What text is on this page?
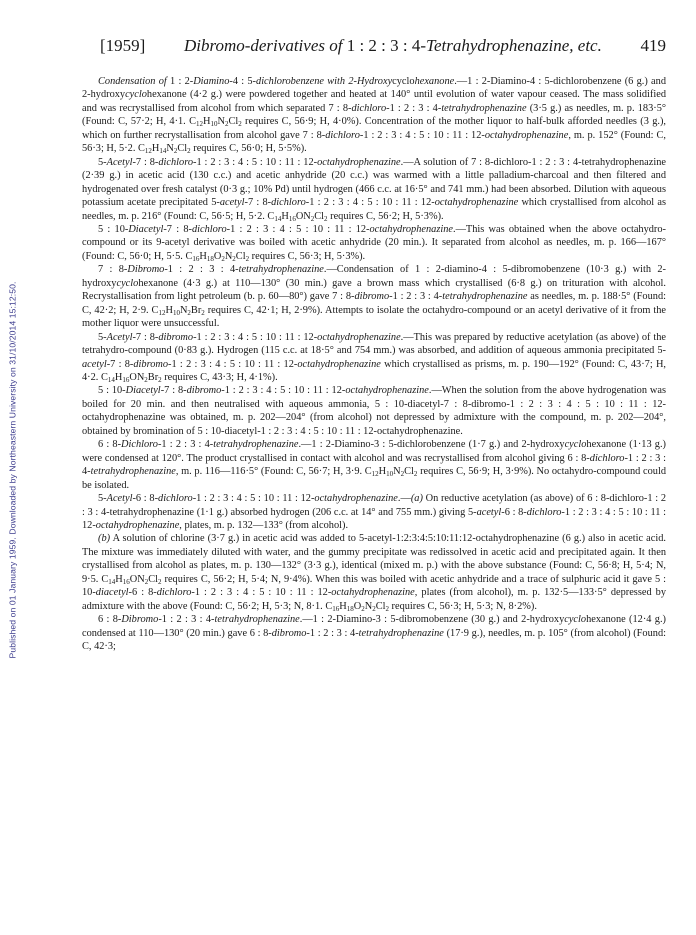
Published on 01 January 1959. Downloaded by Northeastern University on 31/10/2014 15:12:50.
[1959] Dibromo-derivatives of 1 : 2 : 3 : 4-Tetrahydrophenazine, etc. 419

Condensation of 1 : 2-Diamino-4 : 5-dichlorobenzene with 2-Hydroxycyclohexanone.—1 : 2-Diamino-4 : 5-dichlorobenzene (6 g.) and 2-hydroxycyclohexanone (4·2 g.) were powdered together and heated at 140° until evolution of water vapour ceased. The mass solidified and was recrystallised from alcohol from which separated 7 : 8-dichloro-1 : 2 : 3 : 4-tetrahydrophenazine (3·5 g.) as needles, m. p. 183·5° (Found: C, 57·2; H, 4·1. $C_{12}H_{10}N_2Cl_2$ requires C, 56·9; H, 4·0%). Concentration of the mother liquor to half-bulk afforded needles (3 g.), which on further recrystallisation from alcohol gave 7 : 8-dichloro-1 : 2 : 3 : 4 : 5 : 10 : 11 : 12-octahydrophenazine, m. p. 152° (Found: C, 56·3; H, 5·2. $C_{12}H_{14}N_2Cl_2$ requires C, 56·0; H, 5·5%).

5-Acetyl-7 : 8-dichloro-1 : 2 : 3 : 4 : 5 : 10 : 11 : 12-octahydrophenazine.—A solution of 7 : 8-dichloro-1 : 2 : 3 : 4-tetrahydrophenazine (2·39 g.) in acetic acid (130 c.c.) and acetic anhydride (20 c.c.) was warmed with a little palladium-charcoal and then filtered and hydrogenated over fresh catalyst (0·3 g.; 10% Pd) until hydrogen (466 c.c. at 16·5° and 741 mm.) had been absorbed. Dilution with aqueous potassium acetate precipitated 5-acetyl-7 : 8-dichloro-1 : 2 : 3 : 4 : 5 : 10 : 11 : 12-octahydrophenazine which crystallised from alcohol as needles, m. p. 216° (Found: C, 56·5; H, 5·2. $C_{14}H_{16}ON_2Cl_2$ requires C, 56·2; H, 5·3%).

5 : 10-Diacetyl-7 : 8-dichloro-1 : 2 : 3 : 4 : 5 : 10 : 11 : 12-octahydrophenazine.—This was obtained when the above octahydro-compound or its 9-acetyl derivative was boiled with acetic anhydride (20 min.). It separated from alcohol as needles, m. p. 166—167° (Found: C, 56·0; H, 5·5. $C_{16}H_{18}O_2N_2Cl_2$ requires C, 56·3; H, 5·3%).

7 : 8-Dibromo-1 : 2 : 3 : 4-tetrahydrophenazine.—Condensation of 1 : 2-diamino-4 : 5-dibromobenzene (10·3 g.) with 2-hydroxycyclohexanone (4·3 g.) at 110—130° (30 min.) gave a brown mass which crystallised (6·8 g.) on trituration with alcohol. Recrystallisation from light petroleum (b. p. 60—80°) gave 7 : 8-dibromo-1 : 2 : 3 : 4-tetrahydrophenazine as needles, m. p. 188·5° (Found: C, 42·2; H, 2·9. $C_{12}H_{10}N_2Br_2$ requires C, 42·1; H, 2·9%). Attempts to isolate the octahydro-compound or an acetyl derivative of it from the mother liquor were unsuccessful.

5-Acetyl-7 : 8-dibromo-1 : 2 : 3 : 4 : 5 : 10 : 11 : 12-octahydrophenazine.—This was prepared by reductive acetylation (as above) of the tetrahydro-compound (0·83 g.). Hydrogen (115 c.c. at 18·5° and 754 mm.) was absorbed, and addition of aqueous ammonia precipitated 5-acetyl-7 : 8-dibromo-1 : 2 : 3 : 4 : 5 : 10 : 11 : 12-octahydrophenazine which crystallised as prisms, m. p. 190—192° (Found: C, 43·7; H, 4·2. $C_{14}H_{16}ON_2Br_2$ requires C, 43·3; H, 4·1%).

5 : 10-Diacetyl-7 : 8-dibromo-1 : 2 : 3 : 4 : 5 : 10 : 11 : 12-octahydrophenazine.—When the solution from the above hydrogenation was boiled for 20 min. and then neutralised with aqueous ammonia, 5 : 10-diacetyl-7 : 8-dibromo-1 : 2 : 3 : 4 : 5 : 10 : 11 : 12-octahydrophenazine was obtained, m. p. 202—204° (from alcohol) not depressed by admixture with the compound, m. p. 202—204°, obtained by bromination of 5 : 10-diacetyl-1 : 2 : 3 : 4 : 5 : 10 : 11 : 12-octahydrophenazine.

6 : 8-Dichloro-1 : 2 : 3 : 4-tetrahydrophenazine.—1 : 2-Diamino-3 : 5-dichlorobenzene (1·7 g.) and 2-hydroxycyclohexanone (1·13 g.) were condensed at 120°. The product crystallised in contact with alcohol and was recrystallised from alcohol giving 6 : 8-dichloro-1 : 2 : 3 : 4-tetrahydrophenazine, m. p. 116—116·5° (Found: C, 56·7; H, 3·9. $C_{12}H_{10}N_2Cl_2$ requires C, 56·9; H, 3·9%). No octahydro-compound could be isolated.

5-Acetyl-6 : 8-dichloro-1 : 2 : 3 : 4 : 5 : 10 : 11 : 12-octahydrophenazine.—(a) On reductive acetylation (as above) of 6 : 8-dichloro-1 : 2 : 3 : 4-tetrahydrophenazine (1·1 g.) absorbed hydrogen (206 c.c. at 14° and 755 mm.) giving 5-acetyl-6 : 8-dichloro-1 : 2 : 3 : 4 : 5 : 10 : 11 : 12-octahydrophenazine, plates, m. p. 132—133° (from alcohol).

(b) A solution of chlorine (3·7 g.) in acetic acid was added to 5-acetyl-1:2:3:4:5:10:11:12-octahydrophenazine (6 g.) also in acetic acid. The mixture was immediately diluted with water, and the gummy precipitate was redissolved in acetic acid and precipitated again. It then crystallised from alcohol as plates, m. p. 130—132° (3·3 g.), identical (mixed m. p.) with the above substance (Found: C, 56·8; H, 5·4; N, 9·5. $C_{14}H_{16}ON_2Cl_2$ requires C, 56·2; H, 5·4; N, 9·4%). When this was boiled with acetic anhydride and a trace of sulphuric acid it gave 5 : 10-diacetyl-6 : 8-dichloro-1 : 2 : 3 : 4 : 5 : 10 : 11 : 12-octahydrophenazine, plates (from alcohol), m. p. 132·5—133·5° depressed by admixture with the above (Found: C, 56·2; H, 5·3; N, 8·1. $C_{16}H_{18}O_2N_2Cl_2$ requires C, 56·3; H, 5·3; N, 8·2%).

6 : 8-Dibromo-1 : 2 : 3 : 4-tetrahydrophenazine.—1 : 2-Diamino-3 : 5-dibromobenzene (30 g.) and 2-hydroxycyclohexanone (12·4 g.) condensed at 110—130° (20 min.) gave 6 : 8-dibromo-1 : 2 : 3 : 4-tetrahydrophenazine (17·9 g.), needles, m. p. 105° (from alcohol) (Found: C, 42·3;
